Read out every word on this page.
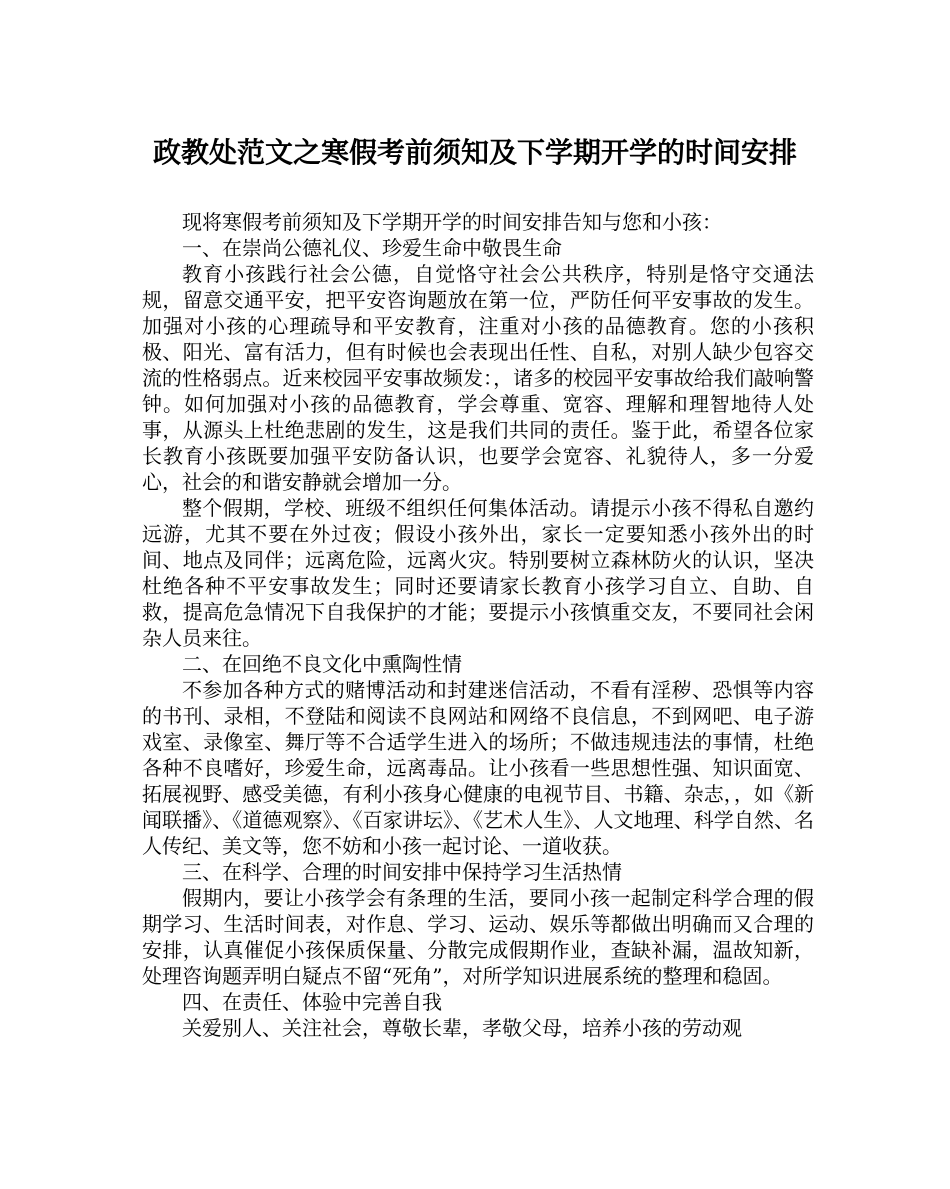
政教处范文之寒假考前须知及下学期开学的时间安排

现将寒假考前须知及下学期开学的时间安排告知与您和小孩：

一、在崇尚公德礼仪、珍爱生命中敬畏生命

教育小孩践行社会公德，自觉恪守社会公共秩序，特别是恪守交通法规，留意交通平安，把平安咨询题放在第一位，严防任何平安事故的发生。加强对小孩的心理疏导和平安教育，注重对小孩的品德教育。您的小孩积极、阳光、富有活力，但有时候也会表现出任性、自私，对别人缺少包容交流的性格弱点。近来校园平安事故频发：，诸多的校园平安事故给我们敲响警钟。如何加强对小孩的品德教育，学会尊重、宽容、理解和理智地待人处事，从源头上杜绝悲剧的发生，这是我们共同的责任。鉴于此，希望各位家长教育小孩既要加强平安防备认识，也要学会宽容、礼貌待人，多一分爱心，社会的和谐安静就会增加一分。

整个假期，学校、班级不组织任何集体活动。请提示小孩不得私自邀约远游，尤其不要在外过夜；假设小孩外出，家长一定要知悉小孩外出的时间、地点及同伴；远离危险，远离火灾。特别要树立森林防火的认识，坚决杜绝各种不平安事故发生；同时还要请家长教育小孩学习自立、自助、自救，提高危急情况下自我保护的才能；要提示小孩慎重交友，不要同社会闲杂人员来往。

二、在回绝不良文化中熏陶性情

不参加各种方式的赌博活动和封建迷信活动，不看有淫秽、恐惧等内容的书刊、录相，不登陆和阅读不良网站和网络不良信息，不到网吧、电子游戏室、录像室、舞厅等不合适学生进入的场所；不做违规违法的事情，杜绝各种不良嗜好，珍爱生命，远离毒品。让小孩看一些思想性强、知识面宽、拓展视野、感受美德，有利小孩身心健康的电视节目、书籍、杂志，，如《新闻联播》、《道德观察》、《百家讲坛》、《艺术人生》、人文地理、科学自然、名人传纪、美文等，您不妨和小孩一起讨论、一道收获。

三、在科学、合理的时间安排中保持学习生活热情

假期内，要让小孩学会有条理的生活，要同小孩一起制定科学合理的假期学习、生活时间表，对作息、学习、运动、娱乐等都做出明确而又合理的安排，认真催促小孩保质保量、分散完成假期作业，查缺补漏，温故知新，处理咨询题弄明白疑点不留“死角”，对所学知识进展系统的整理和稳固。

四、在责任、体验中完善自我

关爱别人、关注社会，尊敬长辈，孝敬父母，培养小孩的劳动观
